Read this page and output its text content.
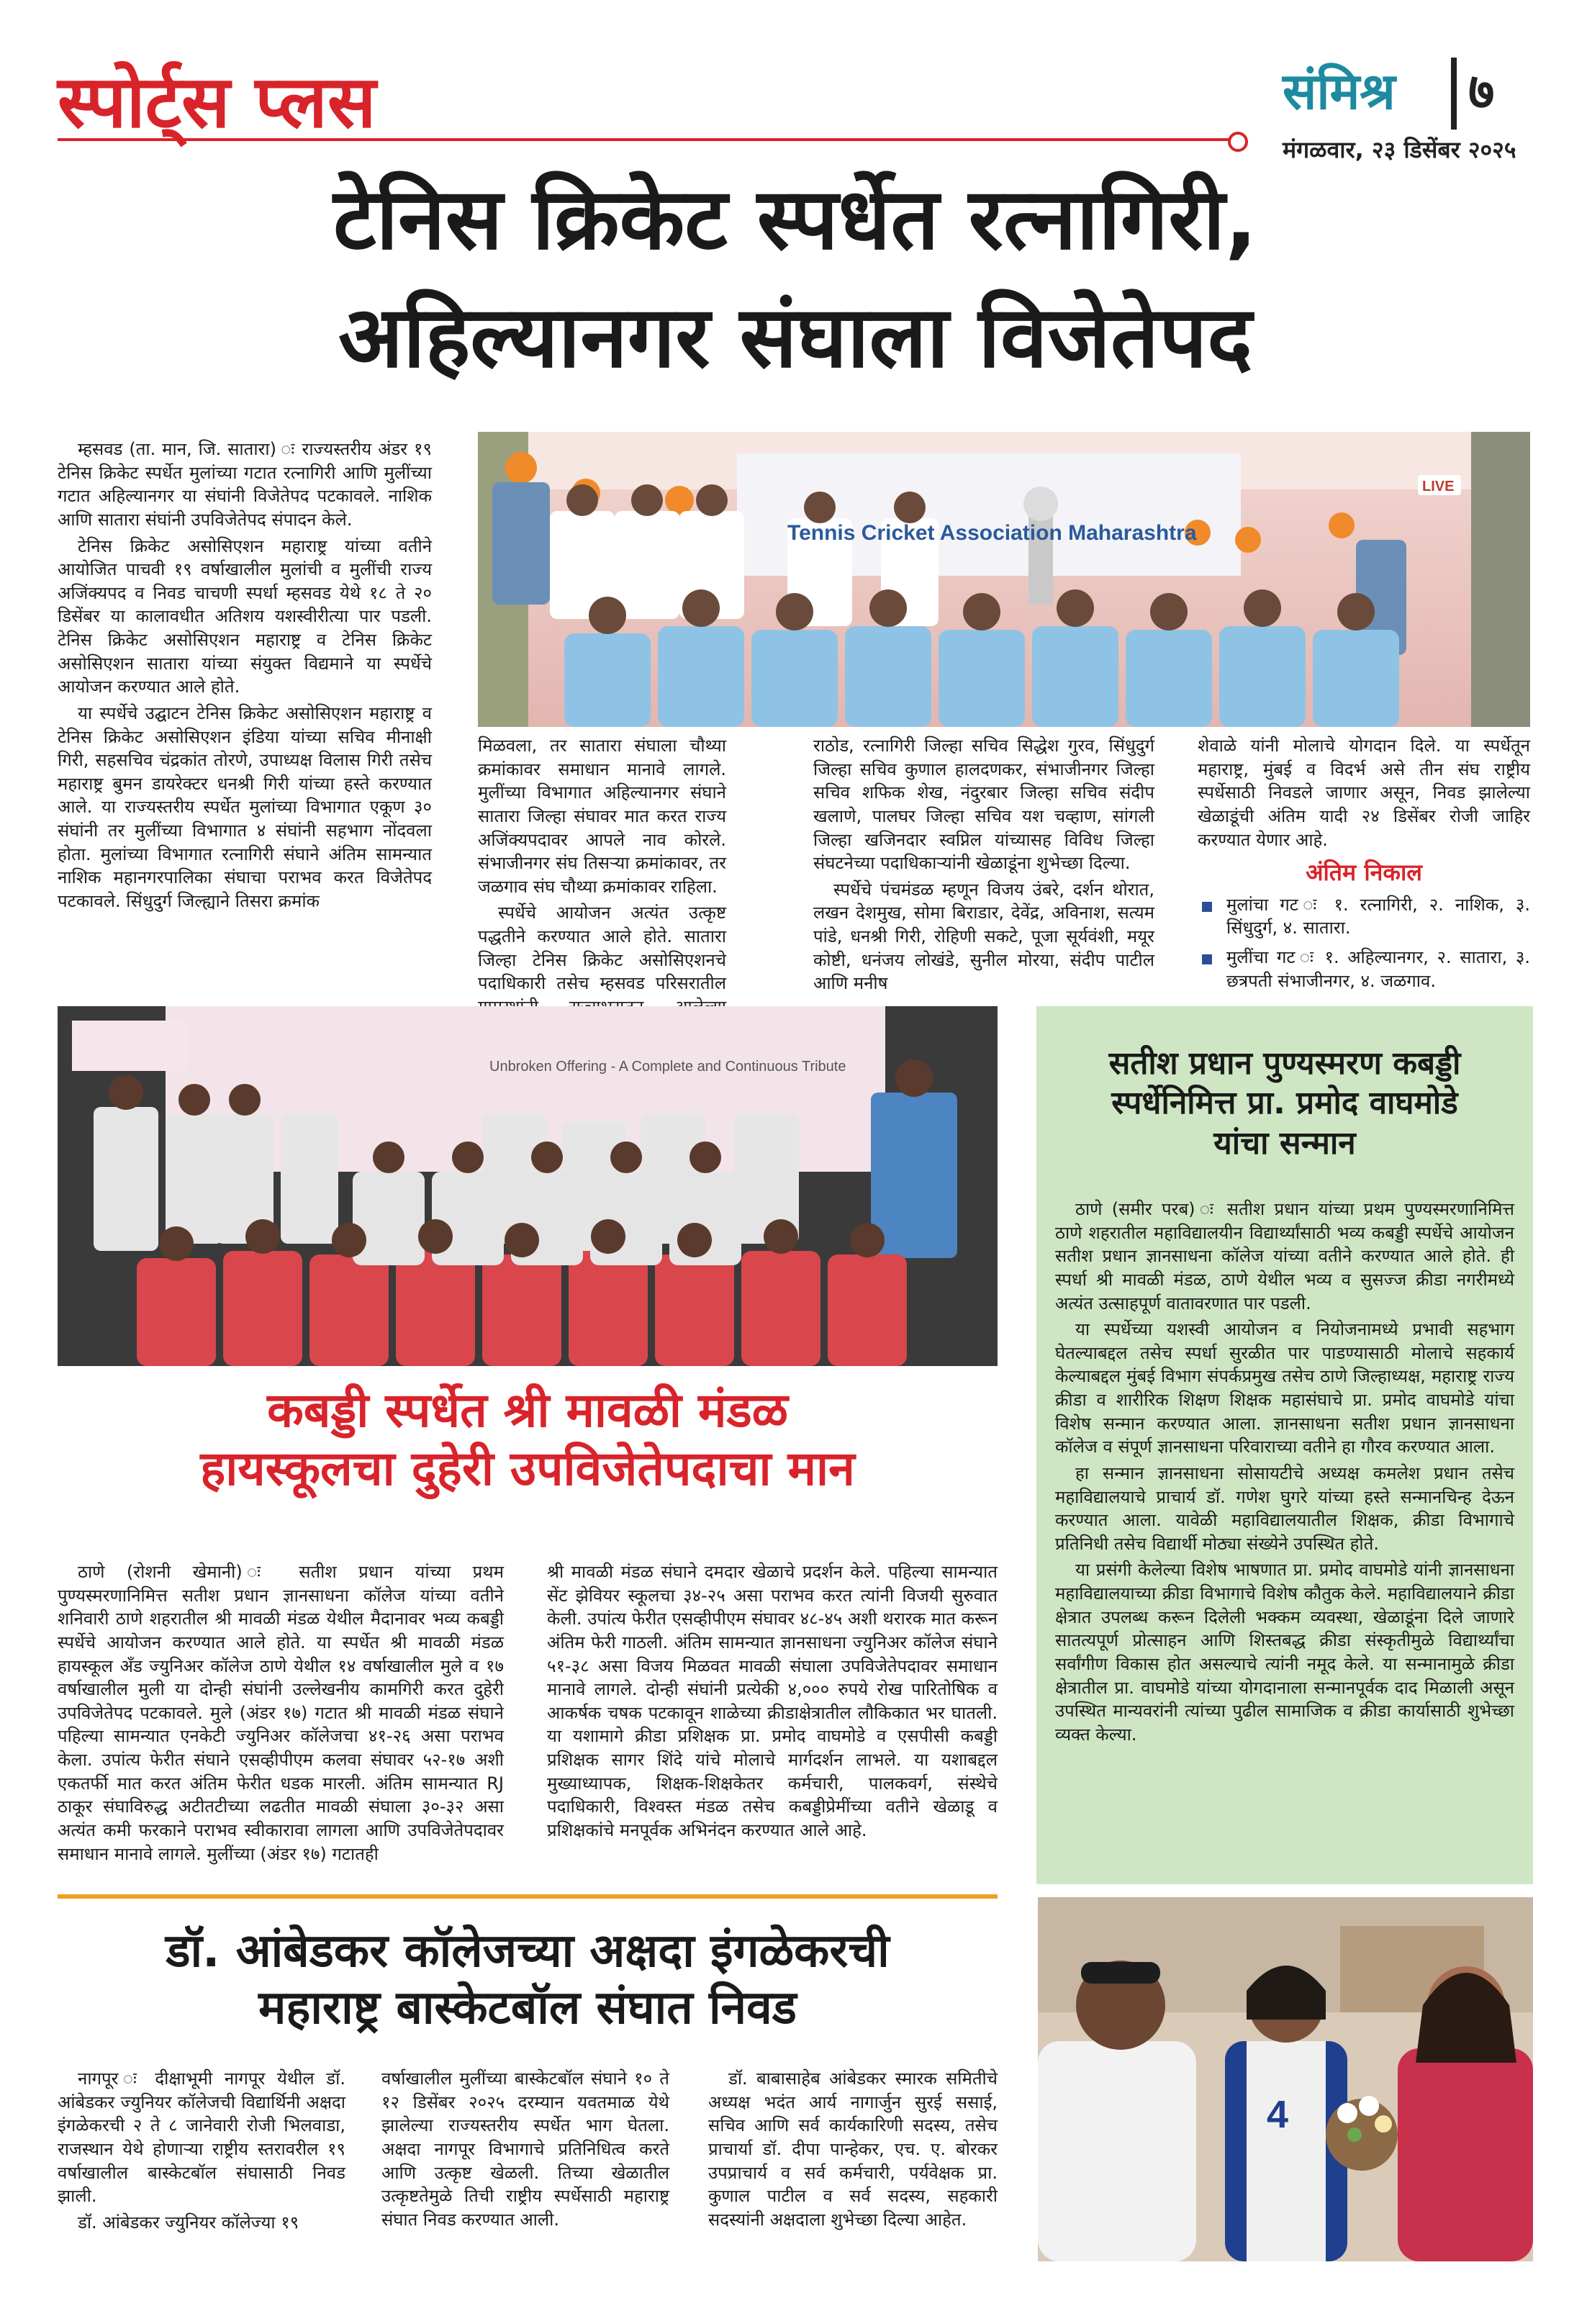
स्पोर्ट्स प्लस	संमिश्र ७
मंगळवार, २३ डिसेंबर २०२५
टेनिस क्रिकेट स्पर्धेत रत्नागिरी,
अहिल्यानगर संघाला विजेतेपद

म्हसवड (ता. मान, जि. सातारा) ः राज्यस्तरीय अंडर १९ टेनिस क्रिकेट स्पर्धेत मुलांच्या गटात रत्नागिरी आणि मुलींच्या गटात अहिल्यानगर या संघांनी विजेतेपद पटकावले. नाशिक आणि सातारा संघांनी उपविजेतेपद संपादन केले.

टेनिस क्रिकेट असोसिएशन महाराष्ट्र यांच्या वतीने आयोजित पाचवी १९ वर्षाखालील मुलांची व मुलींची राज्य अजिंक्यपद व निवड चाचणी स्पर्धा म्हसवड येथे १८ ते २० डिसेंबर या कालावधीत अतिशय यशस्वीरीत्या पार पडली. टेनिस क्रिकेट असोसिएशन महाराष्ट्र व टेनिस क्रिकेट असोसिएशन सातारा यांच्या संयुक्त विद्यमाने या स्पर्धेचे आयोजन करण्यात आले होते.

या स्पर्धेचे उद्घाटन टेनिस क्रिकेट असोसिएशन महाराष्ट्र व टेनिस क्रिकेट असोसिएशन इंडिया यांच्या सचिव मीनाक्षी गिरी, सहसचिव चंद्रकांत तोरणे, उपाध्यक्ष विलास गिरी तसेच महाराष्ट्र बुमन डायरेक्टर धनश्री गिरी यांच्या हस्ते करण्यात आले. या राज्यस्तरीय स्पर्धेत मुलांच्या विभागात एकूण ३० संघांनी तर मुलींच्या विभागात ४ संघांनी सहभाग नोंदवला होता. मुलांच्या विभागात रत्नागिरी संघाने अंतिम सामन्यात नाशिक महानगरपालिका संघाचा पराभव करत विजेतेपद पटकावले. सिंधुदुर्ग जिल्ह्याने तिसरा क्रमांक

Tennis Cricket Association Maharashtra
LIVE

मिळवला, तर सातारा संघाला चौथ्या क्रमांकावर समाधान मानावे लागले. मुलींच्या विभागात अहिल्यानगर संघाने सातारा जिल्हा संघावर मात करत राज्य अजिंक्यपदावर आपले नाव कोरले. संभाजीनगर संघ तिसऱ्या क्रमांकावर, तर जळगाव संघ चौथ्या क्रमांकावर राहिला.

स्पर्धेचे आयोजन अत्यंत उत्कृष्ट पद्धतीने करण्यात आले होते. सातारा जिल्हा टेनिस क्रिकेट असोसिएशनचे पदाधिकारी तसेच म्हसवड परिसरातील

राठोड, रत्नागिरी जिल्हा सचिव सिद्धेश गुरव, सिंधुदुर्ग जिल्हा सचिव कुणाल हालदणकर, संभाजीनगर जिल्हा सचिव शफिक शेख, नंदुरबार जिल्हा सचिव संदीप खलाणे, पालघर जिल्हा सचिव यश चव्हाण, सांगली जिल्हा खजिनदार स्वप्निल यांच्यासह विविध जिल्हा संघटनेच्या पदाधिकाऱ्यांनी खेळाडूंना शुभेच्छा दिल्या.

स्पर्धेचे पंचमंडळ म्हणून विजय उंबरे, दर्शन थोरात, लखन देशमुख, सोमा बिराडार, देवेंद्र, अविनाश, सत्यम पांडे, धनश्री गिरी, रोहिणी सकटे, पूजा सूर्यवंशी, मयूर कोष्टी, धनंजय लोखंडे, सुनील मोरया, संदीप पाटील आणि मनीष

शेवाळे यांनी मोलाचे योगदान दिले. या स्पर्धेतून महाराष्ट्र, मुंबई व विदर्भ असे तीन संघ राष्ट्रीय स्पर्धेसाठी निवडले जाणार असून, निवड झालेल्या खेळाडूंची अंतिम यादी २४ डिसेंबर रोजी जाहिर करण्यात येणार आहे.

अंतिम निकाल
मुलांचा गट ः १. रत्नागिरी, २. नाशिक, ३. सिंधुदुर्ग, ४. सातारा.
मुलींचा गट ः १. अहिल्यानगर, २. सातारा, ३. छत्रपती संभाजीनगर, ४. जळगाव.
Unbroken Offering - A Complete and Continuous Tribute
कबड्डी स्पर्धेत श्री मावळी मंडळ
हायस्कूलचा दुहेरी उपविजेतेपदाचा मान

ठाणे (रोशनी खेमानी) ः सतीश प्रधान यांच्या प्रथम पुण्यस्मरणानिमित्त सतीश प्रधान ज्ञानसाधना कॉलेज यांच्या वतीने शनिवारी ठाणे शहरातील श्री मावळी मंडळ येथील मैदानावर भव्य कबड्डी स्पर्धेचे आयोजन करण्यात आले होते. या स्पर्धेत श्री मावळी मंडळ हायस्कूल ॲंड ज्युनिअर कॉलेज ठाणे येथील १४ वर्षाखालील मुले व १७ वर्षाखालील मुली या दोन्ही संघांनी उल्लेखनीय कामगिरी करत दुहेरी उपविजेतेपद पटकावले. मुले (अंडर १७) गटात श्री मावळी मंडळ संघाने पहिल्या सामन्यात एनकेटी ज्युनिअर कॉलेजचा ४१-२६ असा पराभव केला. उपांत्य फेरीत संघाने एसव्हीपीएम कलवा संघावर ५२-१७ अशी एकतर्फी मात करत अंतिम फेरीत धडक मारली. अंतिम सामन्यात RJ ठाकूर संघाविरुद्ध अटीतटीच्या लढतीत मावळी संघाला ३०-३२ असा अत्यंत कमी फरकाने पराभव स्वीकारावा लागला आणि उपविजेतेपदावर समाधान मानावे लागले. मुलींच्या (अंडर १७) गटातही

श्री मावळी मंडळ संघाने दमदार खेळाचे प्रदर्शन केले. पहिल्या सामन्यात सेंट झेवियर स्कूलचा ३४-२५ असा पराभव करत त्यांनी विजयी सुरुवात केली. उपांत्य फेरीत एसव्हीपीएम संघावर ४८-४५ अशी थरारक मात करून अंतिम फेरी गाठली. अंतिम सामन्यात ज्ञानसाधना ज्युनिअर कॉलेज संघाने ५१-३८ असा विजय मिळवत मावळी संघाला उपविजेतेपदावर समाधान मानावे लागले. दोन्ही संघांनी प्रत्येकी ४,००० रुपये रोख पारितोषिक व आकर्षक चषक पटकावून शाळेच्या क्रीडाक्षेत्रातील लौकिकात भर घातली. या यशामागे क्रीडा प्रशिक्षक प्रा. प्रमोद वाघमोडे व एसपीसी कबड्डी प्रशिक्षक सागर शिंदे यांचे मोलाचे मार्गदर्शन लाभले. या यशाबद्दल मुख्याध्यापक, शिक्षक-शिक्षकेतर कर्मचारी, पालकवर्ग, संस्थेचे पदाधिकारी, विश्वस्त मंडळ तसेच कबड्डीप्रेमींच्या वतीने खेळाडू व प्रशिक्षकांचे मनपूर्वक अभिनंदन करण्यात आले आहे.

सतीश प्रधान पुण्यस्मरण कबड्डी
स्पर्धेनिमित्त प्रा. प्रमोद वाघमोडे
यांचा सन्मान

ठाणे (समीर परब) ः सतीश प्रधान यांच्या प्रथम पुण्यस्मरणानिमित्त ठाणे शहरातील महाविद्यालयीन विद्यार्थ्यांसाठी भव्य कबड्डी स्पर्धेचे आयोजन सतीश प्रधान ज्ञानसाधना कॉलेज यांच्या वतीने करण्यात आले होते. ही स्पर्धा श्री मावळी मंडळ, ठाणे येथील भव्य व सुसज्ज क्रीडा नगरीमध्ये अत्यंत उत्साहपूर्ण वातावरणात पार पडली.

या स्पर्धेच्या यशस्वी आयोजन व नियोजनामध्ये प्रभावी सहभाग घेतल्याबद्दल तसेच स्पर्धा सुरळीत पार पाडण्यासाठी मोलाचे सहकार्य केल्याबद्दल मुंबई विभाग संपर्कप्रमुख तसेच ठाणे जिल्हाध्यक्ष, महाराष्ट्र राज्य क्रीडा व शारीरिक शिक्षण शिक्षक महासंघाचे प्रा. प्रमोद वाघमोडे यांचा विशेष सन्मान करण्यात आला. ज्ञानसाधना सतीश प्रधान ज्ञानसाधना कॉलेज व संपूर्ण ज्ञानसाधना परिवाराच्या वतीने हा गौरव करण्यात आला.

हा सन्मान ज्ञानसाधना सोसायटीचे अध्यक्ष कमलेश प्रधान तसेच महाविद्यालयाचे प्राचार्य डॉ. गणेश घुगरे यांच्या हस्ते सन्मानचिन्ह देऊन करण्यात आला. यावेळी महाविद्यालयातील शिक्षक, क्रीडा विभागाचे प्रतिनिधी तसेच विद्यार्थी मोठ्या संख्येने उपस्थित होते.

या प्रसंगी केलेल्या विशेष भाषणात प्रा. प्रमोद वाघमोडे यांनी ज्ञानसाधना महाविद्यालयाच्या क्रीडा विभागाचे विशेष कौतुक केले. महाविद्यालयाने क्रीडा क्षेत्रात उपलब्ध करून दिलेली भक्कम व्यवस्था, खेळाडूंना दिले जाणारे सातत्यपूर्ण प्रोत्साहन आणि शिस्तबद्ध क्रीडा संस्कृतीमुळे विद्यार्थ्यांचा सर्वांगीण विकास होत असल्याचे त्यांनी नमूद केले. या सन्मानामुळे क्रीडा क्षेत्रातील प्रा. वाघमोडे यांच्या योगदानाला सन्मानपूर्वक दाद मिळाली असून उपस्थित मान्यवरांनी त्यांच्या पुढील सामाजिक व क्रीडा कार्यासाठी शुभेच्छा व्यक्त केल्या.

डॉ. आंबेडकर कॉलेजच्या अक्षदा इंगळेकरची
महाराष्ट्र बास्केटबॉल संघात निवड

नागपूर ः दीक्षाभूमी नागपूर येथील डॉ. आंबेडकर ज्युनियर कॉलेजची विद्यार्थिनी अक्षदा इंगळेकरची २ ते ८ जानेवारी रोजी भिलवाडा, राजस्थान येथे होणाऱ्या राष्ट्रीय स्तरावरील १९ वर्षाखालील बास्केटबॉल संघासाठी निवड झाली.

डॉ. आंबेडकर ज्युनियर कॉलेज्या १९

वर्षाखालील मुलींच्या बास्केटबॉल संघाने १० ते १२ डिसेंबर २०२५ दरम्यान यवतमाळ येथे झालेल्या राज्यस्तरीय स्पर्धेत भाग घेतला. अक्षदा नागपूर विभागाचे प्रतिनिधित्व करते आणि उत्कृष्ट खेळली. तिच्या खेळातील उत्कृष्टतेमुळे तिची राष्ट्रीय स्पर्धेसाठी महाराष्ट्र संघात निवड करण्यात आली.

डॉ. बाबासाहेब आंबेडकर स्मारक समितीचे अध्यक्ष भदंत आर्य नागार्जुन सुरई ससाई, सचिव आणि सर्व कार्यकारिणी सदस्य, तसेच प्राचार्या डॉ. दीपा पान्हेकर, एच. ए. बोरकर उपप्राचार्य व सर्व कर्मचारी, पर्यवेक्षक प्रा. कुणाल पाटील व सर्व सदस्य, सहकारी सदस्यांनी अक्षदाला शुभेच्छा दिल्या आहेत.

4
